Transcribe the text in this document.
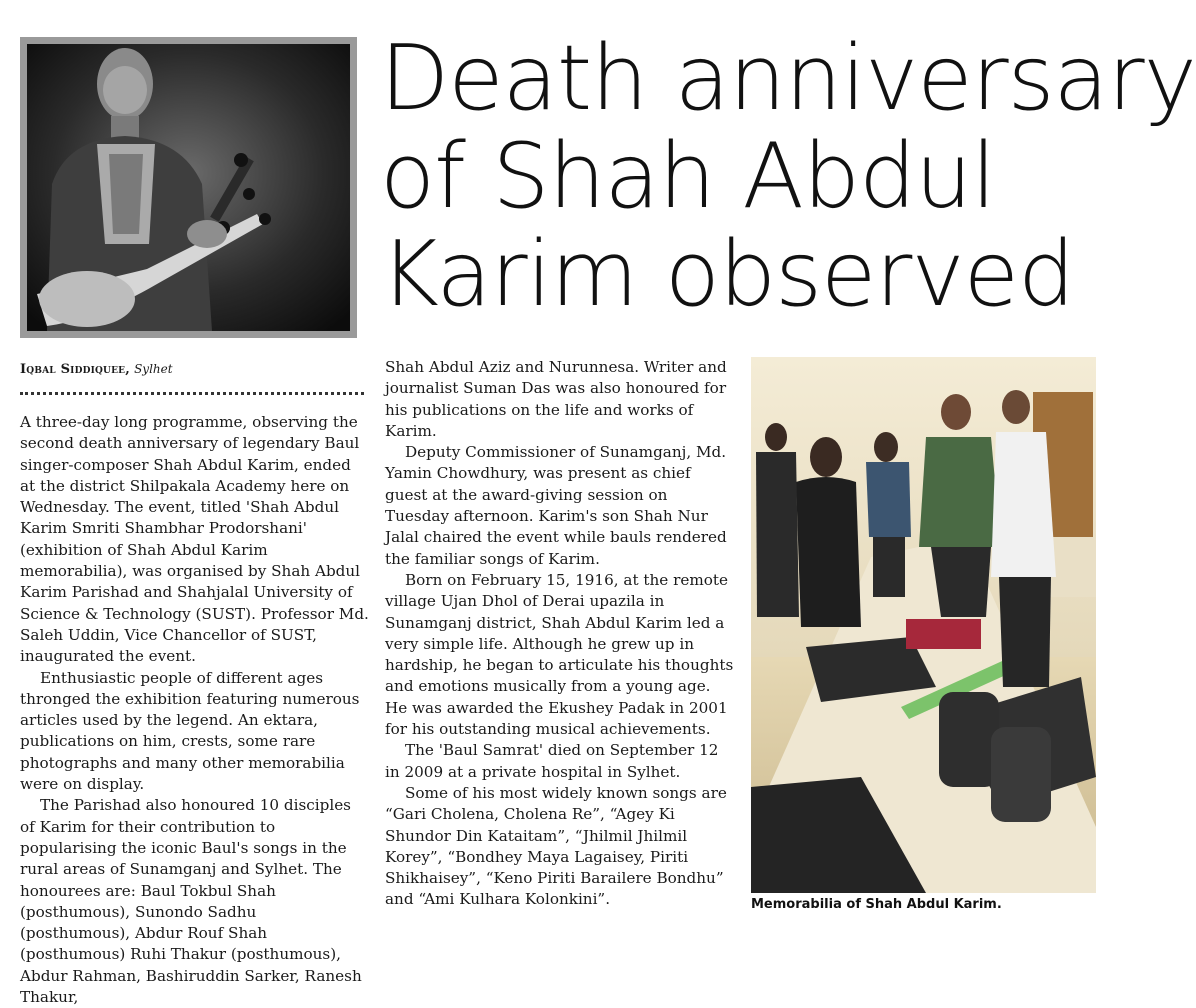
Death anniversary
of Shah Abdul
Karim observed
Iqbal Siddiquee, Sylhet

A three-day long programme, observing the second death anniversary of legendary Baul singer-composer Shah Abdul Karim, ended at the district Shilpakala Academy here on Wednesday. The event, titled 'Shah Abdul Karim Smriti Shambhar Prodorshani' (exhibition of Shah Abdul Karim memorabilia), was organised by Shah Abdul Karim Parishad and Shahjalal University of Science & Technology (SUST). Professor Md. Saleh Uddin, Vice Chancellor of SUST, inaugurated the event.

Enthusiastic people of different ages thronged the exhibition featuring numerous articles used by the legend. An ektara, publications on him, crests, some rare photographs and many other memorabilia were on display.

The Parishad also honoured 10 disciples of Karim for their contribution to popularising the iconic Baul's songs in the rural areas of Sunamganj and Sylhet. The honourees are: Baul Tokbul Shah (posthumous), Sunondo Sadhu (posthumous), Abdur Rouf Shah (posthumous) Ruhi Thakur (posthumous), Abdur Rahman, Bashiruddin Sarker, Ranesh Thakur,

Shah Abdul Aziz and Nurunnesa. Writer and journalist Suman Das was also honoured for his publications on the life and works of Karim.

Deputy Commissioner of Sunamganj, Md. Yamin Chowdhury, was present as chief guest at the award-giving session on Tuesday afternoon. Karim's son Shah Nur Jalal chaired the event while bauls rendered the familiar songs of Karim.

Born on February 15, 1916, at the remote village Ujan Dhol of Derai upazila in Sunamganj district, Shah Abdul Karim led a very simple life. Although he grew up in hardship, he began to articulate his thoughts and emotions musically from a young age. He was awarded the Ekushey Padak in 2001 for his outstanding musical achievements.

The 'Baul Samrat' died on September 12 in 2009 at a private hospital in Sylhet.

Some of his most widely known songs are “Gari Cholena, Cholena Re”, “Agey Ki Shundor Din Kataitam”, “Jhilmil Jhilmil Korey”, “Bondhey Maya Lagaisey, Piriti Shikhaisey”, “Keno Piriti Barailere Bondhu” and “Ami Kulhara Kolonkini”.	Memorabilia of Shah Abdul Karim.
